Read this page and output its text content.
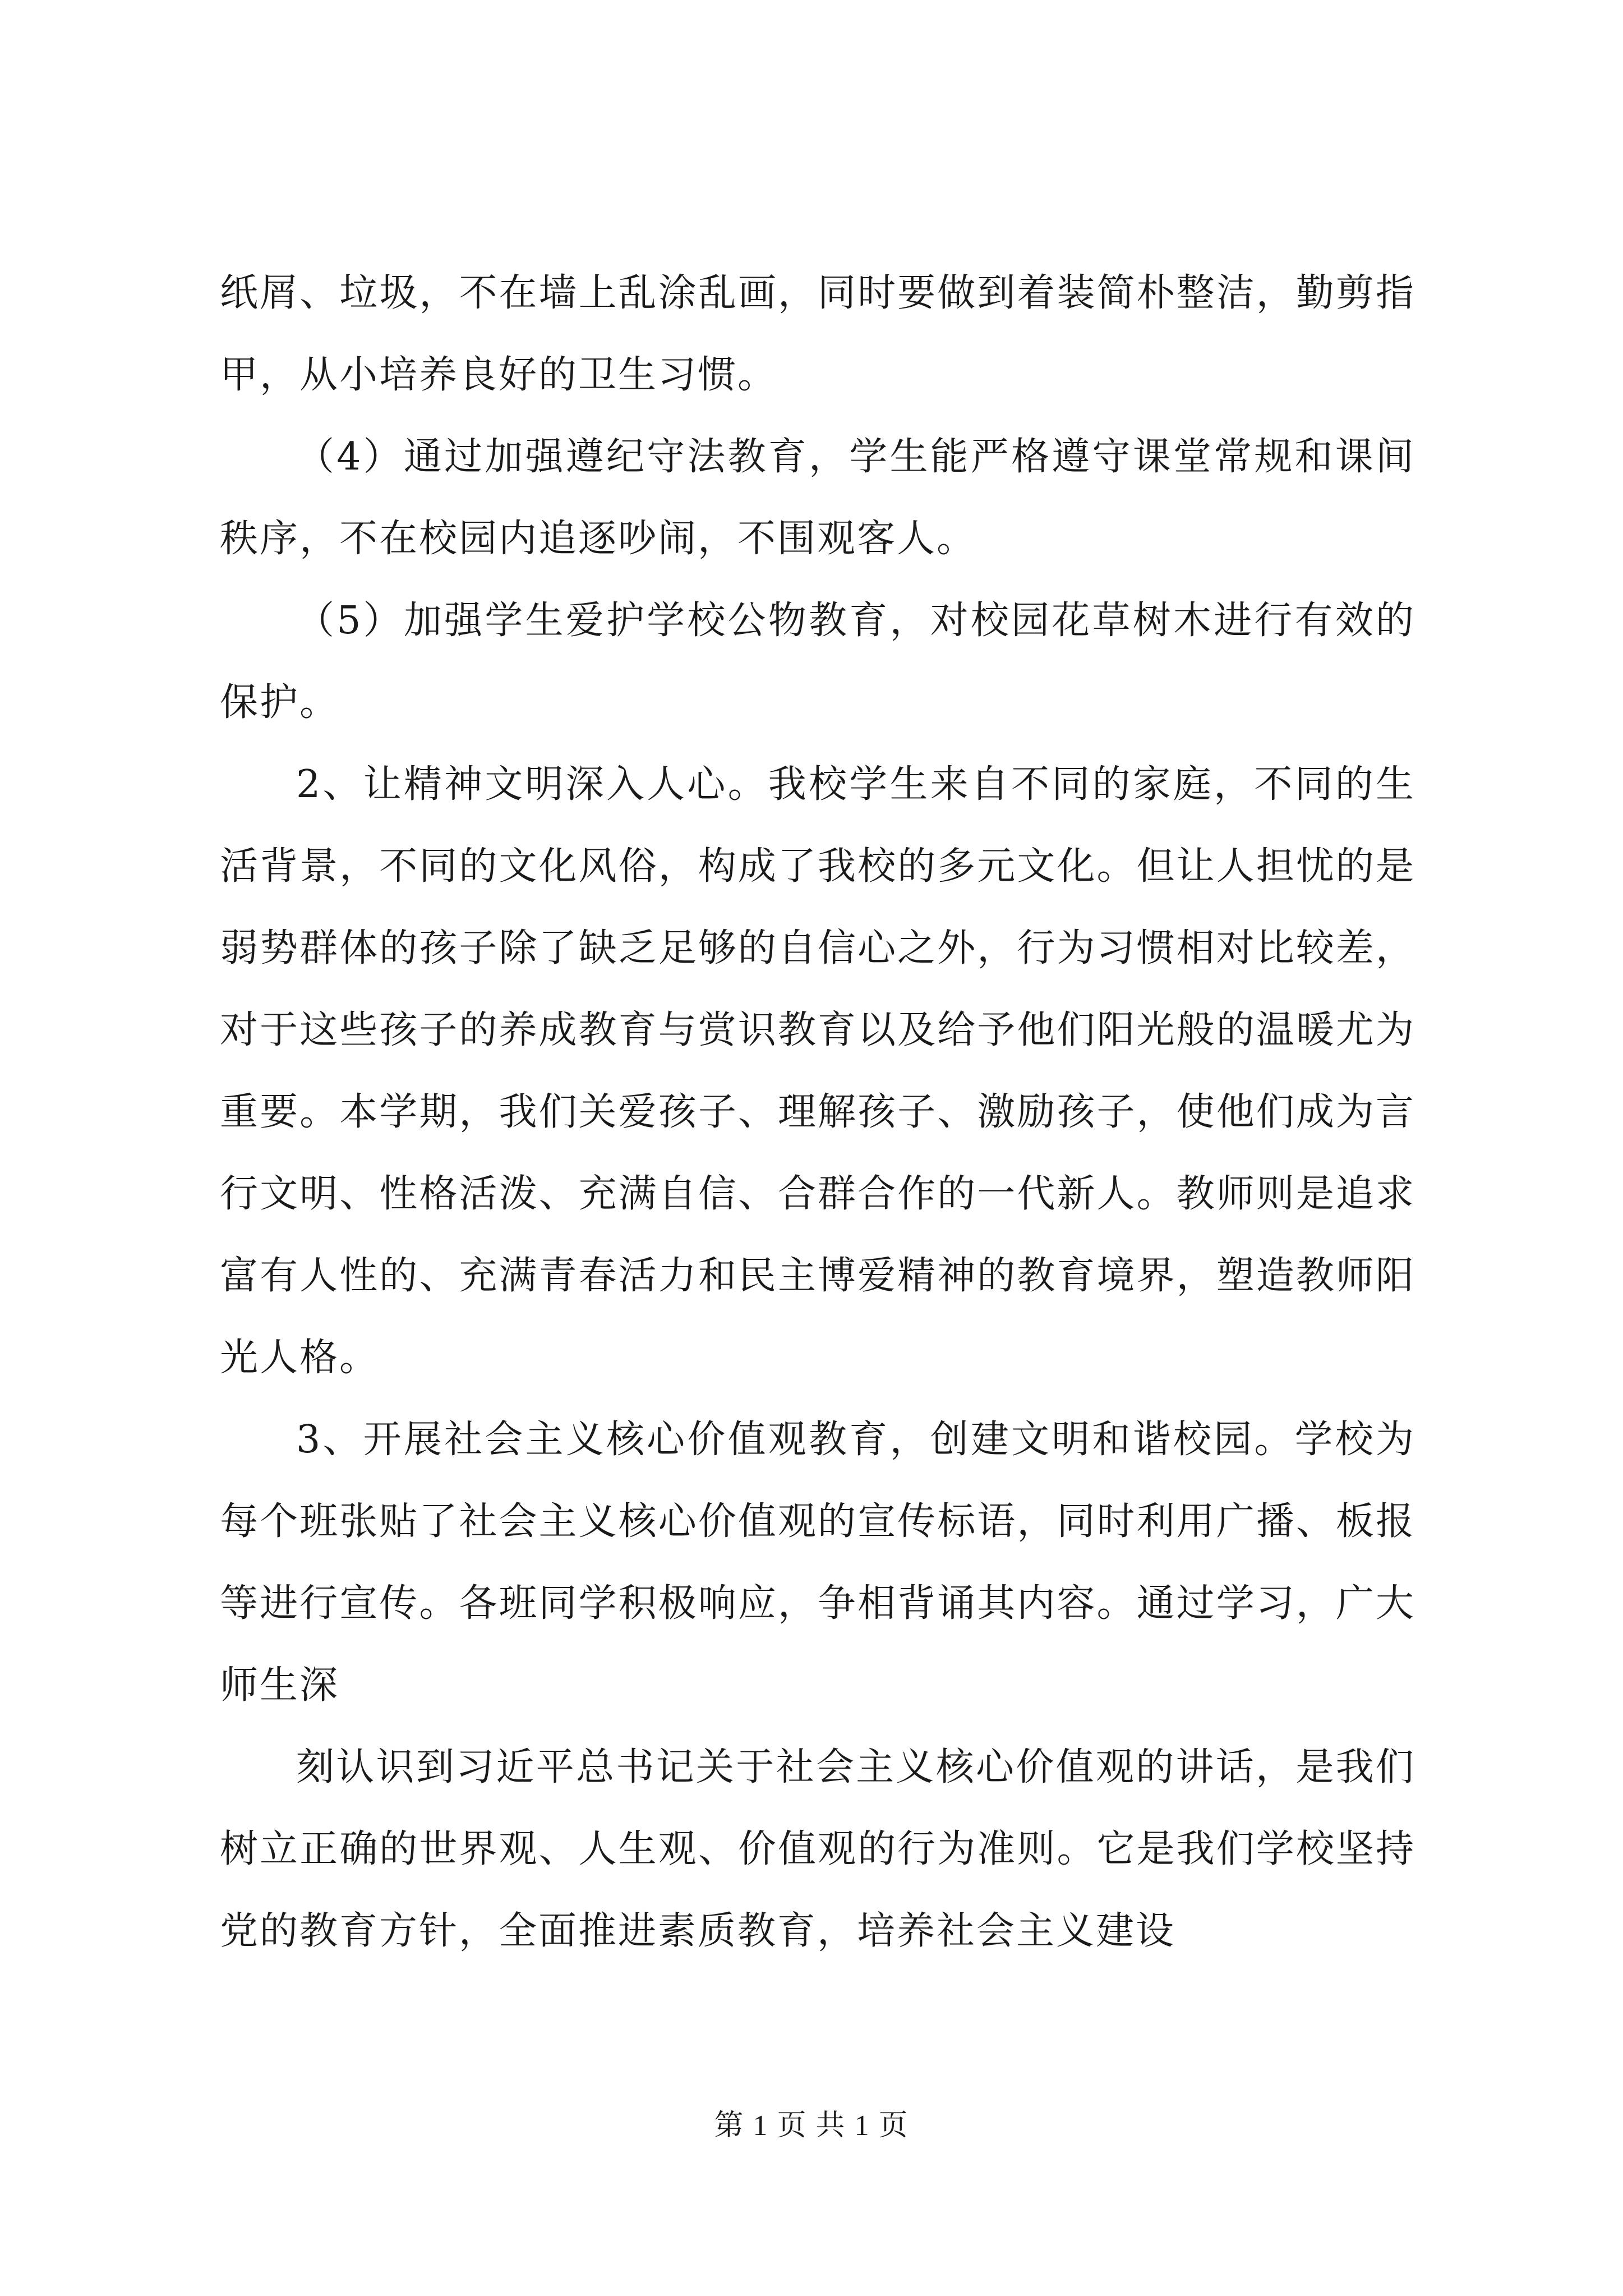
纸屑、垃圾，不在墙上乱涂乱画，同时要做到着装简朴整洁，勤剪指甲，从小培养良好的卫生习惯。

（4）通过加强遵纪守法教育，学生能严格遵守课堂常规和课间秩序，不在校园内追逐吵闹，不围观客人。

（5）加强学生爱护学校公物教育，对校园花草树木进行有效的保护。

2、让精神文明深入人心。我校学生来自不同的家庭，不同的生活背景，不同的文化风俗，构成了我校的多元文化。但让人担忧的是弱势群体的孩子除了缺乏足够的自信心之外，行为习惯相对比较差，对于这些孩子的养成教育与赏识教育以及给予他们阳光般的温暖尤为重要。本学期，我们关爱孩子、理解孩子、激励孩子，使他们成为言行文明、性格活泼、充满自信、合群合作的一代新人。教师则是追求富有人性的、充满青春活力和民主博爱精神的教育境界，塑造教师阳光人格。

3、开展社会主义核心价值观教育，创建文明和谐校园。学校为每个班张贴了社会主义核心价值观的宣传标语，同时利用广播、板报等进行宣传。各班同学积极响应，争相背诵其内容。通过学习，广大师生深

刻认识到习近平总书记关于社会主义核心价值观的讲话，是我们树立正确的世界观、人生观、价值观的行为准则。它是我们学校坚持党的教育方针，全面推进素质教育，培养社会主义建设

第 1 页 共 1 页
